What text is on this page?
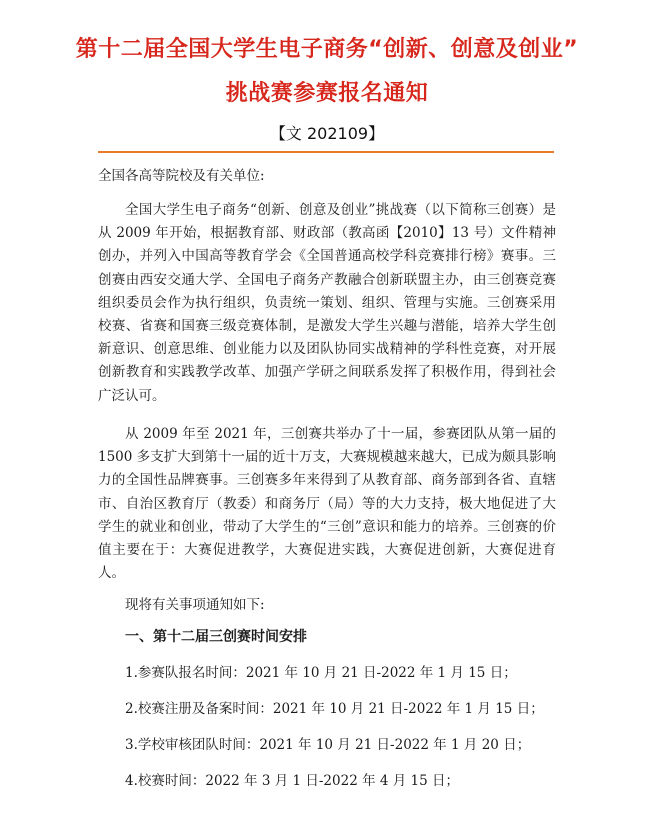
第十二届全国大学生电子商务“创新、创意及创业”
挑战赛参赛报名通知
【文 202109】
全国各高等院校及有关单位:

全国大学生电子商务“创新、创意及创业”挑战赛（以下简称三创赛）是从 2009 年开始，根据教育部、财政部（教高函【2010】13 号）文件精神创办，并列入中国高等教育学会《全国普通高校学科竞赛排行榜》赛事。三创赛由西安交通大学、全国电子商务产教融合创新联盟主办，由三创赛竞赛组织委员会作为执行组织，负责统一策划、组织、管理与实施。三创赛采用校赛、省赛和国赛三级竞赛体制，是激发大学生兴趣与潜能，培养大学生创新意识、创意思维、创业能力以及团队协同实战精神的学科性竞赛，对开展创新教育和实践教学改革、加强产学研之间联系发挥了积极作用，得到社会广泛认可。

从 2009 年至 2021 年，三创赛共举办了十一届，参赛团队从第一届的 1500 多支扩大到第十一届的近十万支，大赛规模越来越大，已成为颇具影响力的全国性品牌赛事。三创赛多年来得到了从教育部、商务部到各省、直辖市、自治区教育厅（教委）和商务厅（局）等的大力支持，极大地促进了大学生的就业和创业，带动了大学生的“三创”意识和能力的培养。三创赛的价值主要在于：大赛促进教学，大赛促进实践，大赛促进创新，大赛促进育人。

现将有关事项通知如下:
一、第十二届三创赛时间安排
1.参赛队报名时间：2021 年 10 月 21 日-2022 年 1 月 15 日；
2.校赛注册及备案时间：2021 年 10 月 21 日-2022 年 1 月 15 日；
3.学校审核团队时间：2021 年 10 月 21 日-2022 年 1 月 20 日；
4.校赛时间：2022 年 3 月 1 日-2022 年 4 月 15 日；
